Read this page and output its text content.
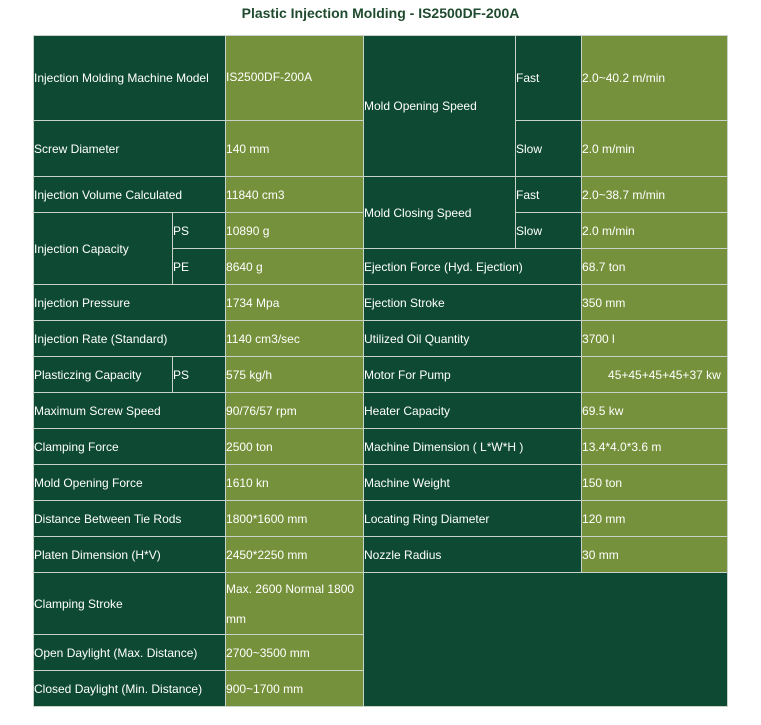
Plastic Injection Molding - IS2500DF-200A
Injection Molding Machine Model		IS2500DF-200A	Mold Opening Speed	Fast	2.0~40.2 m/min
Screw Diameter		140 mm		Slow	2.0 m/min
Injection Volume Calculated		11840 cm3	Mold Closing Speed	Fast	2.0~38.7 m/min
Injection Capacity	PS	10890 g		Slow	2.0 m/min
	PE	8640 g	Ejection Force (Hyd. Ejection)		68.7 ton
Injection Pressure		1734 Mpa	Ejection Stroke		350 mm
Injection Rate (Standard)		1140 cm3/sec	Utilized Oil Quantity		3700 l
Plasticzing Capacity	PS	575 kg/h	Motor For Pump		45+45+45+45+37 kw
Maximum Screw Speed		90/76/57 rpm	Heater Capacity		69.5 kw
Clamping Force		2500 ton	Machine Dimension ( L*W*H )		13.4*4.0*3.6 m
Mold Opening Force		1610 kn	Machine Weight		150 ton
Distance Between Tie Rods		1800*1600 mm	Locating Ring Diameter		120 mm
Platen Dimension (H*V)		2450*2250 mm	Nozzle Radius		30 mm
Clamping Stroke		Max. 2600 Normal 1800 mm			
Open Daylight (Max. Distance)		2700~3500 mm			
Closed Daylight (Min. Distance)		900~1700 mm			
